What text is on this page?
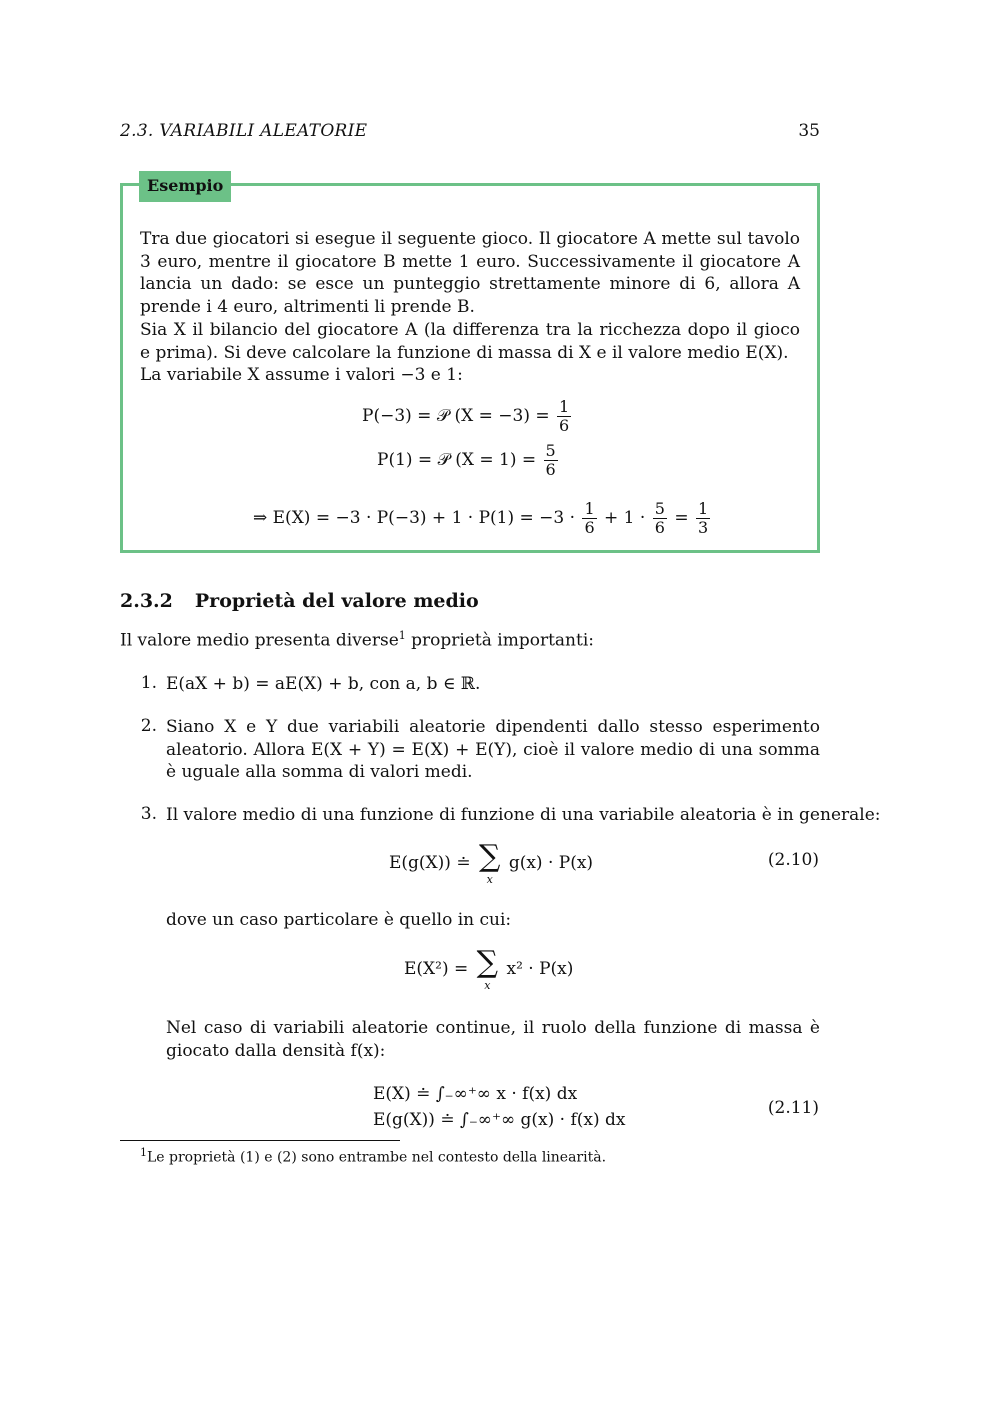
2.3. VARIABILI ALEATORIE	35
Esempio
Tra due giocatori si esegue il seguente gioco. Il giocatore A mette sul tavolo 3 euro, mentre il giocatore B mette 1 euro. Successivamente il giocatore A lancia un dado: se esce un punteggio strettamente minore di 6, allora A prende i 4 euro, altrimenti li prende B.
Sia X il bilancio del giocatore A (la differenza tra la ricchezza dopo il gioco e prima). Si deve calcolare la funzione di massa di X e il valore medio E(X).
La variabile X assume i valori −3 e 1:
P(−3) = 𝒫 $(X = -3) = \frac{1}{6}$
P(1) = 𝒫 $(X = 1) = \frac{5}{6}$
⇒ $E(X) = -3 \cdot P(-3) + 1 \cdot P(1) = -3 \cdot \frac{1}{6} + 1 \cdot \frac{5}{6} = \frac{1}{3}$
2.3.2 Proprietà del valore medio
Il valore medio presenta diverse$^1$ proprietà importanti:
1. E(aX + b) = aE(X) + b, con a, b ∈ ℝ.
2. Siano X e Y due variabili aleatorie dipendenti dallo stesso esperimento aleatorio. Allora E(X + Y) = E(X) + E(Y), cioè il valore medio di una somma è uguale alla somma di valori medi.
3. Il valore medio di una funzione di funzione di una variabile aleatoria è in generale:
E(g(X)) ≐ ∑
x
g(x) · P(x)	(2.10)
dove un caso particolare è quello in cui:
E(X²) = ∑
x
x² · P(x)
Nel caso di variabili aleatorie continue, il ruolo della funzione di massa è giocato dalla densità f(x):
E(X) ≐ ∫₋∞⁺∞ x · f(x) dx
E(g(X)) ≐ ∫₋∞⁺∞ g(x) · f(x) dx
(2.11)
$^1$Le proprietà (1) e (2) sono entrambe nel contesto della linearità.
